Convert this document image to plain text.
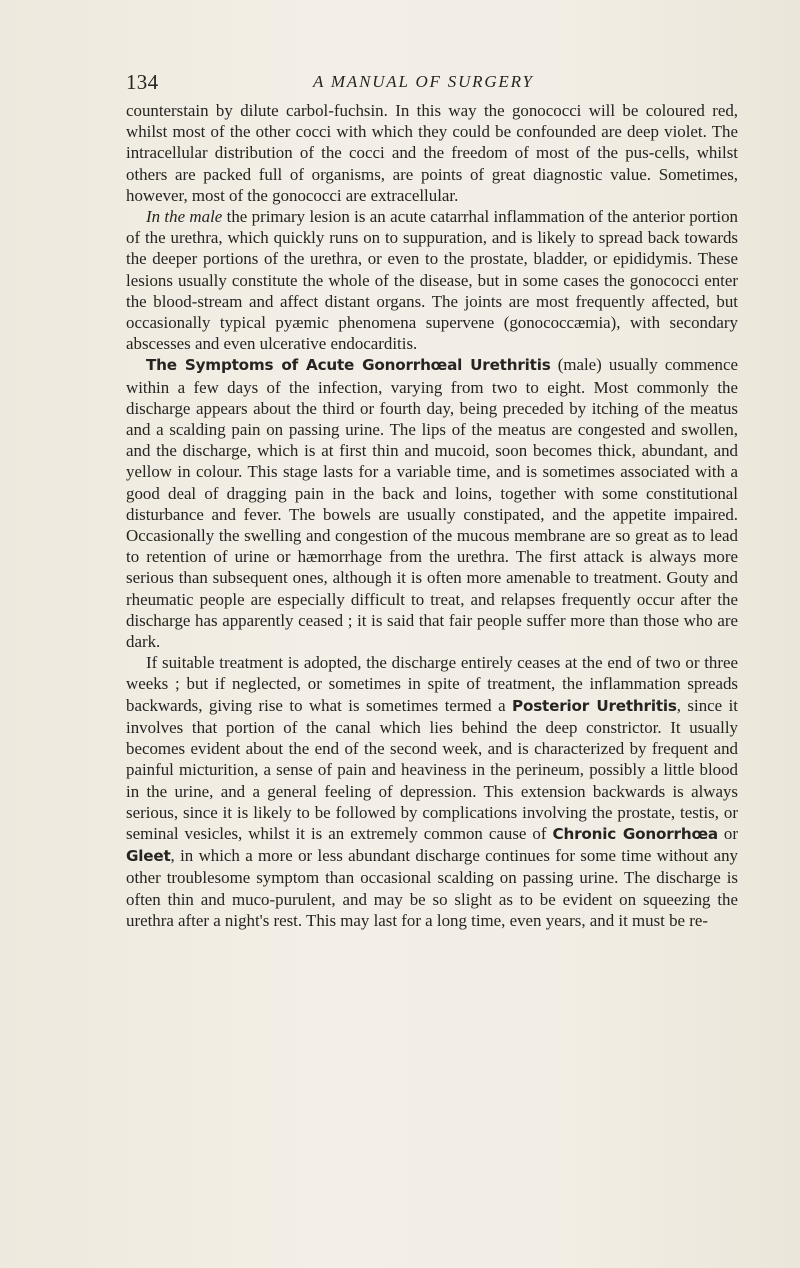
134	A MANUAL OF SURGERY

counterstain by dilute carbol-fuchsin. In this way the gonococci will be coloured red, whilst most of the other cocci with which they could be confounded are deep violet. The intracellular distribution of the cocci and the freedom of most of the pus-cells, whilst others are packed full of organisms, are points of great diagnostic value. Sometimes, however, most of the gonococci are extracellular.

In the male the primary lesion is an acute catarrhal inflammation of the anterior portion of the urethra, which quickly runs on to suppuration, and is likely to spread back towards the deeper portions of the urethra, or even to the prostate, bladder, or epididymis. These lesions usually constitute the whole of the disease, but in some cases the gonococci enter the blood-stream and affect distant organs. The joints are most frequently affected, but occasionally typical pyæmic phenomena supervene (gonococcæmia), with secondary abscesses and even ulcerative endocarditis.

The Symptoms of Acute Gonorrhœal Urethritis (male) usually commence within a few days of the infection, varying from two to eight. Most commonly the discharge appears about the third or fourth day, being preceded by itching of the meatus and a scalding pain on passing urine. The lips of the meatus are congested and swollen, and the discharge, which is at first thin and mucoid, soon becomes thick, abundant, and yellow in colour. This stage lasts for a variable time, and is sometimes associated with a good deal of dragging pain in the back and loins, together with some constitutional disturbance and fever. The bowels are usually constipated, and the appetite impaired. Occasionally the swelling and congestion of the mucous membrane are so great as to lead to retention of urine or hæmorrhage from the urethra. The first attack is always more serious than subsequent ones, although it is often more amenable to treatment. Gouty and rheumatic people are especially difficult to treat, and relapses frequently occur after the discharge has apparently ceased ; it is said that fair people suffer more than those who are dark.

If suitable treatment is adopted, the discharge entirely ceases at the end of two or three weeks ; but if neglected, or sometimes in spite of treatment, the inflammation spreads backwards, giving rise to what is sometimes termed a Posterior Urethritis, since it involves that portion of the canal which lies behind the deep constrictor. It usually becomes evident about the end of the second week, and is characterized by frequent and painful micturition, a sense of pain and heaviness in the perineum, possibly a little blood in the urine, and a general feeling of depression. This extension backwards is always serious, since it is likely to be followed by complications involving the prostate, testis, or seminal vesicles, whilst it is an extremely common cause of Chronic Gonorrhœa or Gleet, in which a more or less abundant discharge continues for some time without any other troublesome symptom than occasional scalding on passing urine. The discharge is often thin and muco-purulent, and may be so slight as to be evident on squeezing the urethra after a night's rest. This may last for a long time, even years, and it must be re-
